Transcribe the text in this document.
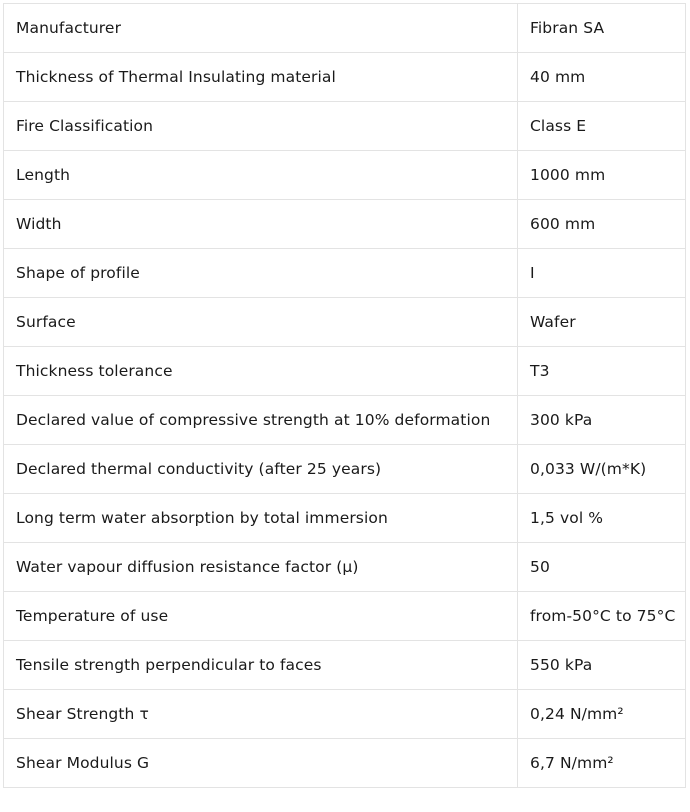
Manufacturer	Fibran SA
Thickness of Thermal Insulating material	40 mm
Fire Classification	Class E
Length	1000 mm
Width	600 mm
Shape of profile	I
Surface	Wafer
Thickness tolerance	T3
Declared value of compressive strength at 10% deformation	300 kPa
Declared thermal conductivity (after 25 years)	0,033 W/(m*K)
Long term water absorption by total immersion	1,5 vol %
Water vapour diffusion resistance factor (μ)	50
Temperature of use	from-50°C to 75°C
Tensile strength perpendicular to faces	550 kPa
Shear Strength τ	0,24 N/mm²
Shear Modulus G	6,7 N/mm²
